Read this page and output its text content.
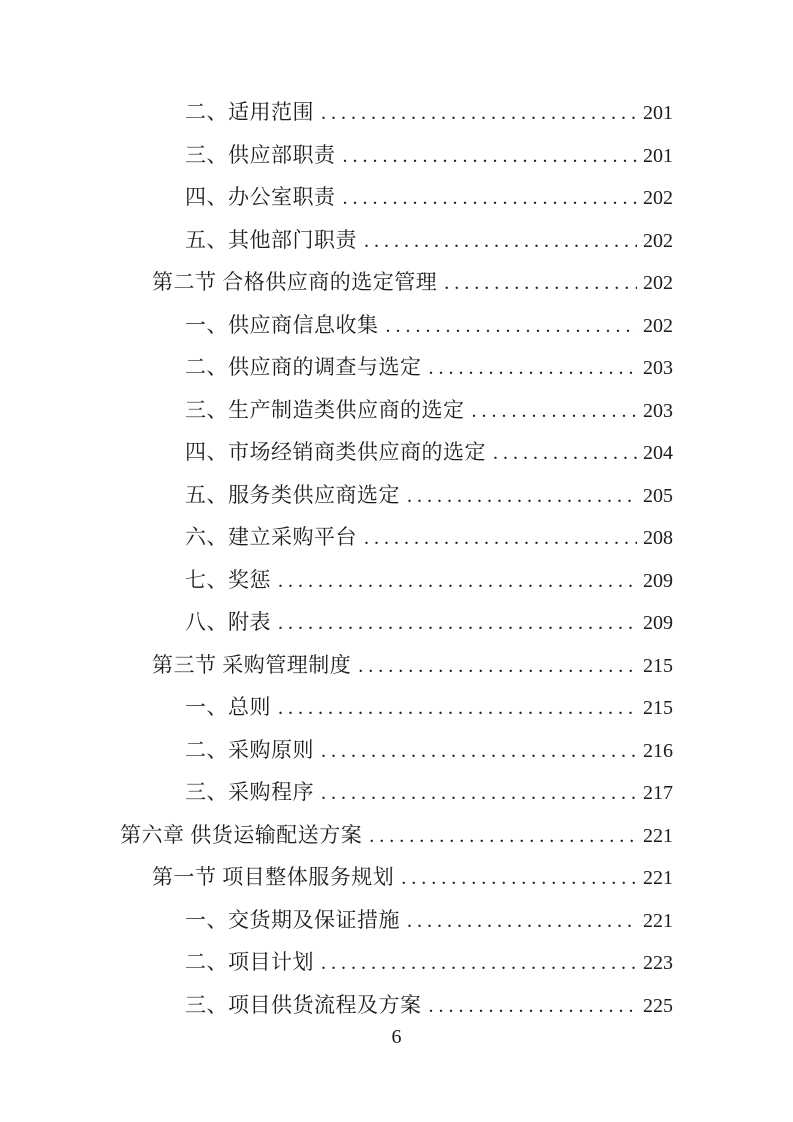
二、适用范围 . . .	201
三、供应部职责 . . .	201
四、办公室职责 . . .	202
五、其他部门职责 . . .	202
第二节 合格供应商的选定管理 . . .	202
一、供应商信息收集 . . .	202
二、供应商的调查与选定 . . .	203
三、生产制造类供应商的选定 . . .	203
四、市场经销商类供应商的选定 . . .	204
五、服务类供应商选定 . . .	205
六、建立采购平台 . . .	208
七、奖惩 . . .	209
八、附表 . . .	209
第三节 采购管理制度 . . .	215
一、总则 . . .	215
二、采购原则 . . .	216
三、采购程序 . . .	217
第六章 供货运输配送方案 . . .	221
第一节 项目整体服务规划 . . .	221
一、交货期及保证措施 . . .	221
二、项目计划 . . .	223
三、项目供货流程及方案 . . .	225
6
